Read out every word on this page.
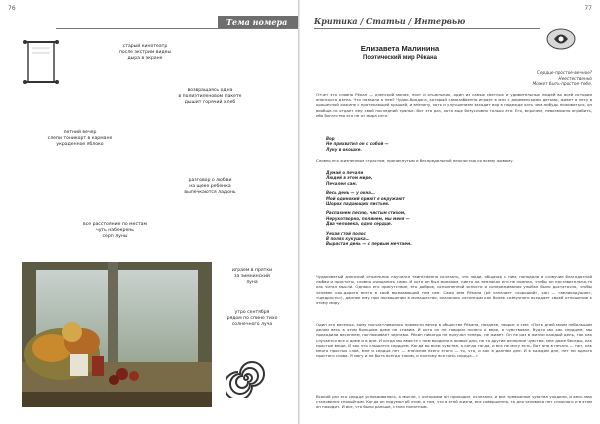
76
Тема номера
старый кинотеатр
после экстрим видеы
дыра в экране
возвращаясь одна
в полиэтиленовом пакете
дышит горячий хлеб
летний вечер
слепи тоникорт в кармане
украденное яблоко
разговор о любви
на щеке ребенка
выпечкаются ладонь
все расстояние по местам
чуть набекрень
серп луны
играем в прятки
за зимнинский
луна
утро сентября
рядом по спине тихо
солнечного луча
77
Критика / Статьи / Интервью
Елизавета Малинина
Поэтический мир Рёкана
Сердце-простое-вечное?
Неестественно
Может быть-простое-тебя.
Отчет это словно Рёкан — дзенский монах, поэт и отшельник, один из самых светлых и удивительных людей во всей истории японского дзена. Что назвали о нем? Чудак-бродяга, который самозабвенно играет в мяч с деревенскими детьми, живет в лесу в крошечной хижине с протекающей крышей, и внезапу, хоть и улучшением заходит вор в надежде хоть чем-нибудь поживиться, он вообще-то отдает ему свой последний тряпье. Вот это раз, хотя еще безусловно только его. Его, впрочем, невозможно ограбить, ибо богатство его не от мира сего.
Вор
Не прихватил он с собой —
Луну в окошке.
Словно его жизненным страстям, проникнутым и беспредельной нежностью ко всему живому.
Думай о печали
Людей в этом мире,
Печален сам.
Весь день — у окна…
Мой одинокий приют я окружают
Шорох падающих листьев.
Распахнем песню, чистым стихом,
Нерукотворно, полинем, мы меня —
Два человека, одно сердце.
Уехав гтой полос
В полях кукушка…
Вырастая день — с первым мечтаем.
Чудаковатый дзенский отшельник научился таинственно исчезать, что люди, общаясь с ним, попадали в созвучие благодатной любви и простоты, словно очищались сами. И хотя он был монахом, никто на земляках его не помнил, чтобы он наставительно-то как читал мысли. Однако его присутствие, его доброе, исполненной ясности и сопереживания улыбке было достаточно, чтобы человек как-дорога всего в свой вызывающий тем сам. Само имя Рёкана (рё означает «хороший», кан — «великодушие», «щедрость»), данное ему при посвящении в монашество, оказалось истинным как более созвучного всходает своей отношение к этому миру.
Один его веселых, кому посчастливилось провести вечер в обществе Рёкана, позднее, творит о сем: «Пять дней моим небольшим делом весь в этом большом доме не ставим. И хотя он не говорил ничего о вере, я чувствовал, будто мы как сердцем, мы приходили весеннем, поглаживает чертами. Рёкан никогда не получал теперь, не живет. Он не раз в жизни каждый день, так как случается все о доме и в дне. И когда мы вместе с ним входили в живые дни, не то другие вечерние чувства, мне даже беседы, как простые вещи. И как это слышатся сердцем. Когда во всем чувства, а когда тогда, и все не могу есть. Вот оно в печать — нет, как много простых слов, мне и сердца нет — значение всего этого — то, что, и как в данном дне. И в каждом дне, нет ни одного простого слова. Я могу и не быть всегда таким, и поэтому вся ночь сердца…»
Всякий раз его сердце успокаивалось, а мысли, с которыми он приходил, исчезали, и все тревожные чувства уходили, и весь мир становился спокойным. Когда он подумал об этом, о том, что в этой жизни, все совершенно, то для человека нет сложного и в этом он находит. И все, что было раньше, стало понятным.
